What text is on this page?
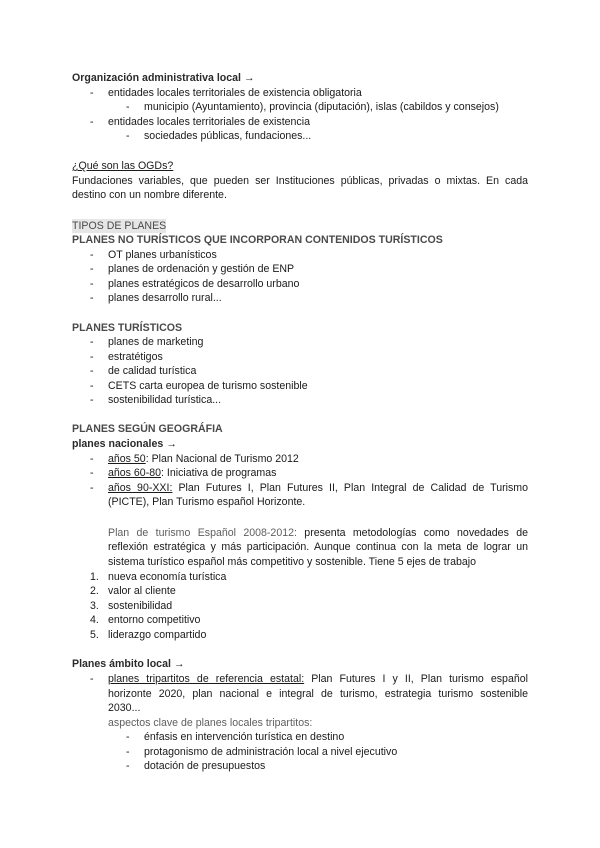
Organización administrativa local →
- entidades locales territoriales de existencia obligatoria
- municipio (Ayuntamiento), provincia (diputación), islas (cabildos y consejos)
- entidades locales territoriales de existencia
- sociedades públicas, fundaciones...
¿Qué son las OGDs?
Fundaciones variables, que pueden ser Instituciones públicas, privadas o mixtas. En cada
destino con un nombre diferente.
TIPOS DE PLANES
PLANES NO TURÍSTICOS QUE INCORPORAN CONTENIDOS TURÍSTICOS
- OT planes urbanísticos
- planes de ordenación y gestión de ENP
- planes estratégicos de desarrollo urbano
- planes desarrollo rural...
PLANES TURÍSTICOS
- planes de marketing
- estratétigos
- de calidad turística
- CETS carta europea de turismo sostenible
- sostenibilidad turística...
PLANES SEGÚN GEOGRÁFIA
planes nacionales →
- años 50: Plan Nacional de Turismo 2012
- años 60-80: Iniciativa de programas
- años 90-XXI: Plan Futures I, Plan Futures II, Plan Integral de Calidad de Turismo
(PICTE), Plan Turismo español Horizonte.
Plan de turismo Español 2008-2012: presenta metodologías como novedades de
reflexión estratégica y más participación. Aunque continua con la meta de lograr un
sistema turístico español más competitivo y sostenible. Tiene 5 ejes de trabajo
1. nueva economía turística
2. valor al cliente
3. sostenibilidad
4. entorno competitivo
5. liderazgo compartido
Planes ámbito local →
- planes tripartitos de referencia estatal: Plan Futures I y II, Plan turismo español
horizonte 2020, plan nacional e integral de turismo, estrategia turismo sostenible
2030...
aspectos clave de planes locales tripartitos:
- énfasis en intervención turística en destino
- protagonismo de administración local a nivel ejecutivo
- dotación de presupuestos
